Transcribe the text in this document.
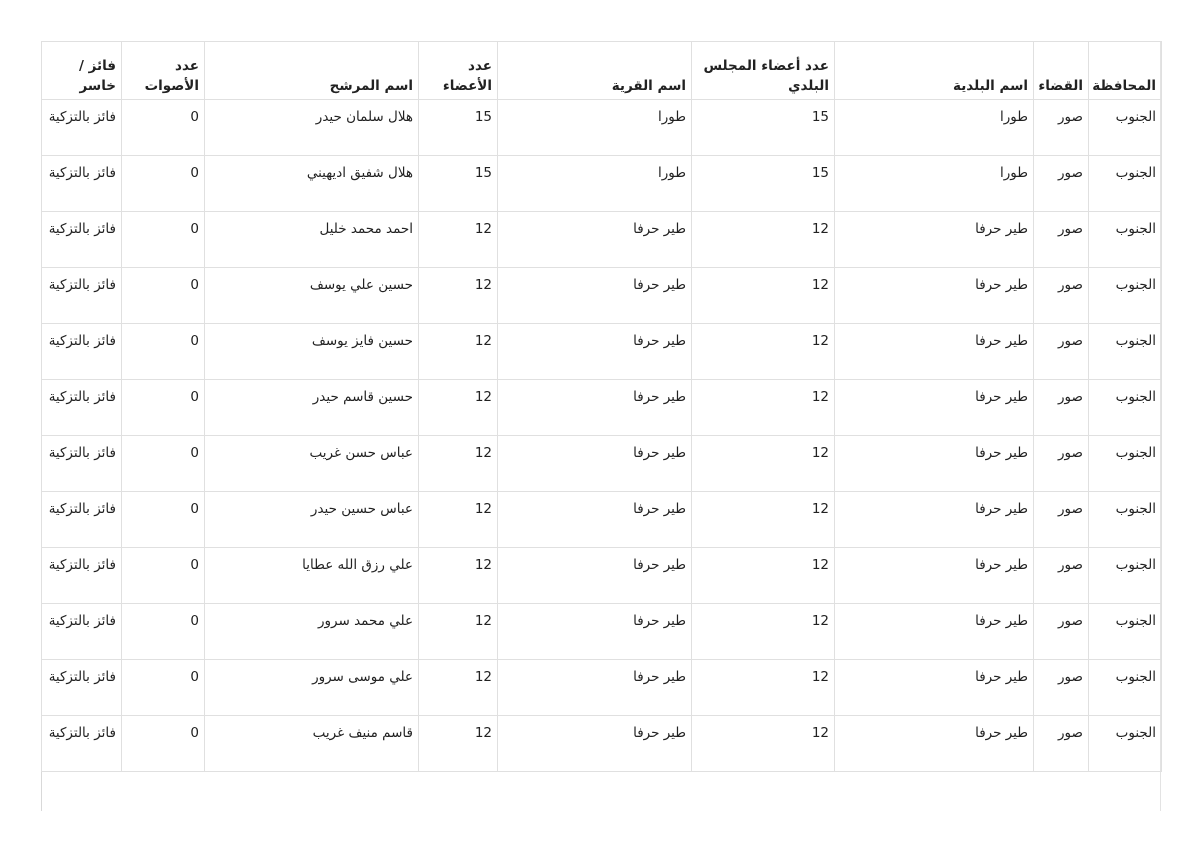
المحافظة	القضاء	اسم البلدية	عدد أعضاء المجلس البلدي	اسم القرية	عدد الأعضاء	اسم المرشح	عدد الأصوات	فائز / خاسر

الجنوب	صور	طورا	15	طورا	15	هلال سلمان حيدر	0	فائز بالتزكية
الجنوب	صور	طورا	15	طورا	15	هلال شفيق اديهيني	0	فائز بالتزكية
الجنوب	صور	طير حرفا	12	طير حرفا	12	احمد محمد خليل	0	فائز بالتزكية
الجنوب	صور	طير حرفا	12	طير حرفا	12	حسين علي يوسف	0	فائز بالتزكية
الجنوب	صور	طير حرفا	12	طير حرفا	12	حسين فايز يوسف	0	فائز بالتزكية
الجنوب	صور	طير حرفا	12	طير حرفا	12	حسين قاسم حيدر	0	فائز بالتزكية
الجنوب	صور	طير حرفا	12	طير حرفا	12	عباس حسن غريب	0	فائز بالتزكية
الجنوب	صور	طير حرفا	12	طير حرفا	12	عباس حسين حيدر	0	فائز بالتزكية
الجنوب	صور	طير حرفا	12	طير حرفا	12	علي رزق الله عطايا	0	فائز بالتزكية
الجنوب	صور	طير حرفا	12	طير حرفا	12	علي محمد سرور	0	فائز بالتزكية
الجنوب	صور	طير حرفا	12	طير حرفا	12	علي موسى سرور	0	فائز بالتزكية
الجنوب	صور	طير حرفا	12	طير حرفا	12	قاسم منيف غريب	0	فائز بالتزكية
